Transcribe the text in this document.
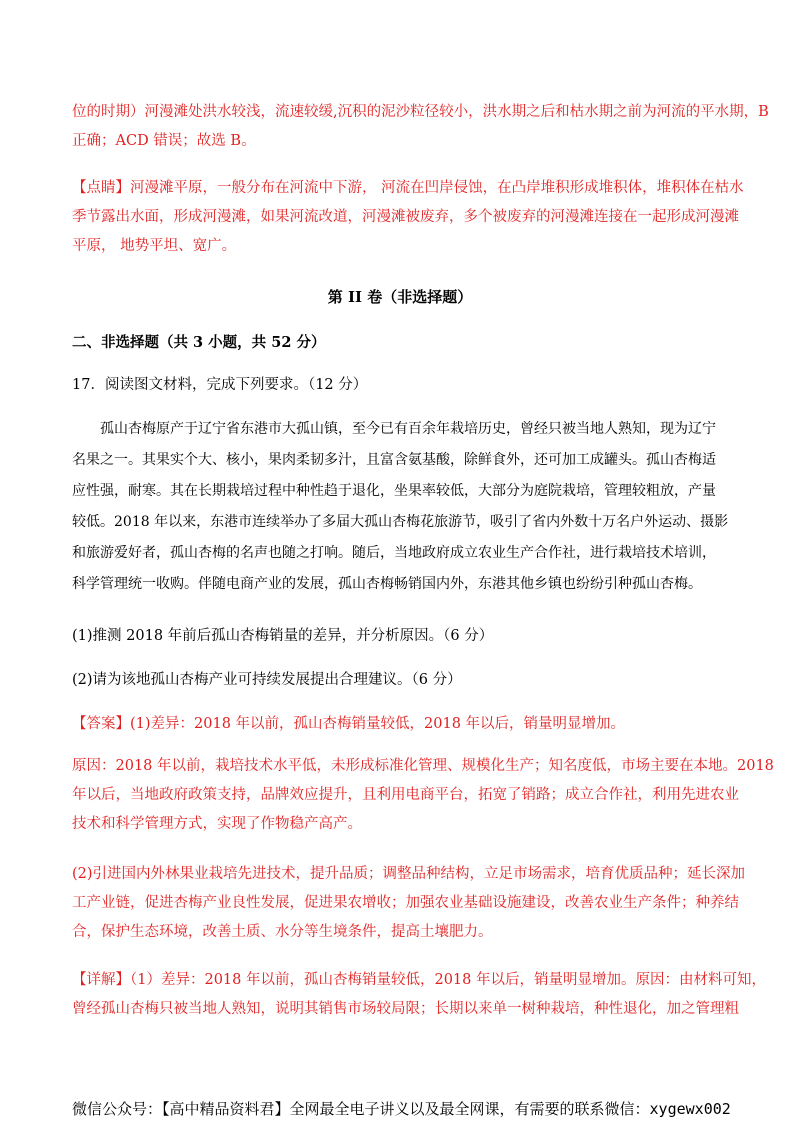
位的时期）河漫滩处洪水较浅，流速较缓,沉积的泥沙粒径较小，洪水期之后和枯水期之前为河流的平水期，B
正确；ACD 错误；故选 B。
【点睛】河漫滩平原，一般分布在河流中下游， 河流在凹岸侵蚀，在凸岸堆积形成堆积体，堆积体在枯水
季节露出水面，形成河漫滩，如果河流改道，河漫滩被废弃，多个被废弃的河漫滩连接在一起形成河漫滩
平原， 地势平坦、宽广。
第 II 卷（非选择题）
二、非选择题（共 3 小题，共 52 分）
17．阅读图文材料，完成下列要求。（12 分）
孤山杏梅原产于辽宁省东港市大孤山镇，至今已有百余年栽培历史，曾经只被当地人熟知，现为辽宁
名果之一。其果实个大、核小，果肉柔韧多汁，且富含氨基酸，除鲜食外，还可加工成罐头。孤山杏梅适
应性强，耐寒。其在长期栽培过程中种性趋于退化，坐果率较低，大部分为庭院栽培，管理较粗放，产量
较低。2018 年以来，东港市连续举办了多届大孤山杏梅花旅游节，吸引了省内外数十万名户外运动、摄影
和旅游爱好者，孤山杏梅的名声也随之打响。随后，当地政府成立农业生产合作社，进行栽培技术培训，
科学管理统一收购。伴随电商产业的发展，孤山杏梅畅销国内外，东港其他乡镇也纷纷引种孤山杏梅。
(1)推测 2018 年前后孤山杏梅销量的差异，并分析原因。（6 分）
(2)请为该地孤山杏梅产业可持续发展提出合理建议。（6 分）
【答案】(1)差异：2018 年以前，孤山杏梅销量较低，2018 年以后，销量明显增加。
原因：2018 年以前，栽培技术水平低，未形成标准化管理、规模化生产；知名度低，市场主要在本地。2018
年以后，当地政府政策支持，品牌效应提升，且利用电商平台，拓宽了销路；成立合作社，利用先进农业
技术和科学管理方式，实现了作物稳产高产。
(2)引进国内外林果业栽培先进技术，提升品质；调整品种结构，立足市场需求，培育优质品种；延长深加
工产业链，促进杏梅产业良性发展，促进果农增收；加强农业基础设施建设，改善农业生产条件；种养结
合，保护生态环境，改善土质、水分等生境条件，提高土壤肥力。
【详解】（1）差异：2018 年以前，孤山杏梅销量较低，2018 年以后，销量明显增加。原因：由材料可知，
曾经孤山杏梅只被当地人熟知，说明其销售市场较局限；长期以来单一树种栽培，种性退化，加之管理粗
微信公众号：【高中精品资料君】全网最全电子讲义以及最全网课，有需要的联系微信：xygewx002
